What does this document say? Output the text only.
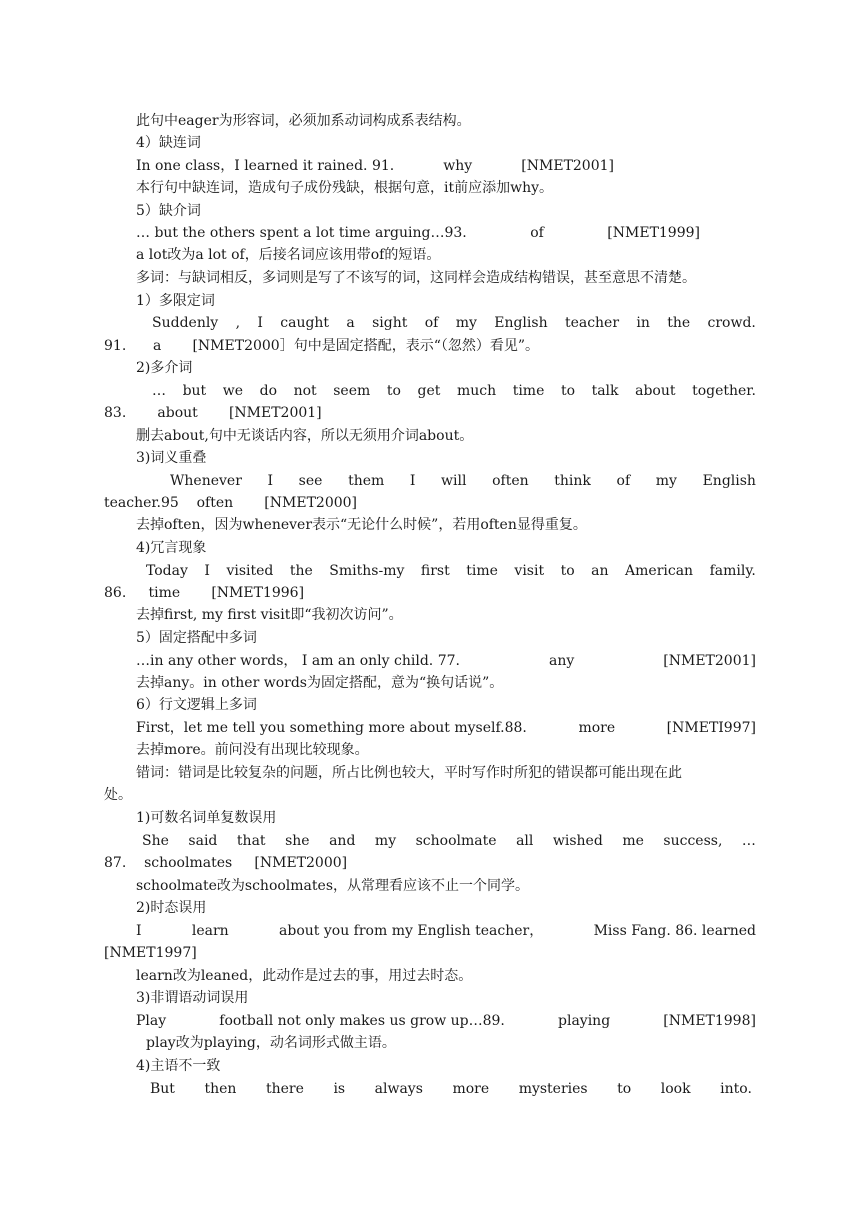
此句中eager为形容词，必须加系动词构成系表结构。
4）缺连词
In one class，I learned it rained. 91.	why	[NMET2001]
本行句中缺连词，造成句子成份残缺，根据句意，it前应添加why。
5）缺介词
… but the others spent a lot time arguing…93.	of	[NMET1999]
a lot改为a lot of，后接名词应该用带of的短语。
多词：与缺词相反，多词则是写了不该写的词，这同样会造成结构错误，甚至意思不清楚。
1）多限定词
Suddenly , I caught a sight of my English teacher in the crowd.
91.      a       [NMET2000］句中是固定搭配，表示“（忽然）看见”。
2)多介词
… but we do not seem to get much time to talk about together.
83.       about       [NMET2001]
删去about,句中无谈话内容，所以无须用介词about。
3)词义重叠
Whenever I see them I will often think of my English
teacher.95    often       [NMET2000]
去掉often，因为whenever表示“无论什么时候”，若用often显得重复。
4)冗言现象
Today I visited the Smiths-my first time visit to an American family.
86.     time       [NMET1996]
去掉first, my first visit即“我初次访问”。
5）固定搭配中多词
…in any other words， I am an only child. 77.	any	[NMET2001]
去掉any。in other words为固定搭配，意为“换句话说”。
6）行文逻辑上多词
First，let me tell you something more about myself.88.	more	[NMETI997]
去掉more。前问没有出现比较现象。
错词：错词是比较复杂的问题，所占比例也较大，平时写作时所犯的错误都可能出现在此
处。
1)可数名词单复数误用
She said that she and my schoolmate all wished me success, …
87.    schoolmates     [NMET2000]
schoolmate改为schoolmates，从常理看应该不止一个同学。
2)时态误用
I	learn	about you from my English teacher，	Miss Fang. 86. learned
[NMET1997]
learn改为leaned，此动作是过去的事，用过去时态。
3)非谓语动词误用
Play	football not only makes us grow up…89.	playing	[NMET1998]
play改为playing，动名词形式做主语。
4)主语不一致
But then there is always more mysteries to look into.
